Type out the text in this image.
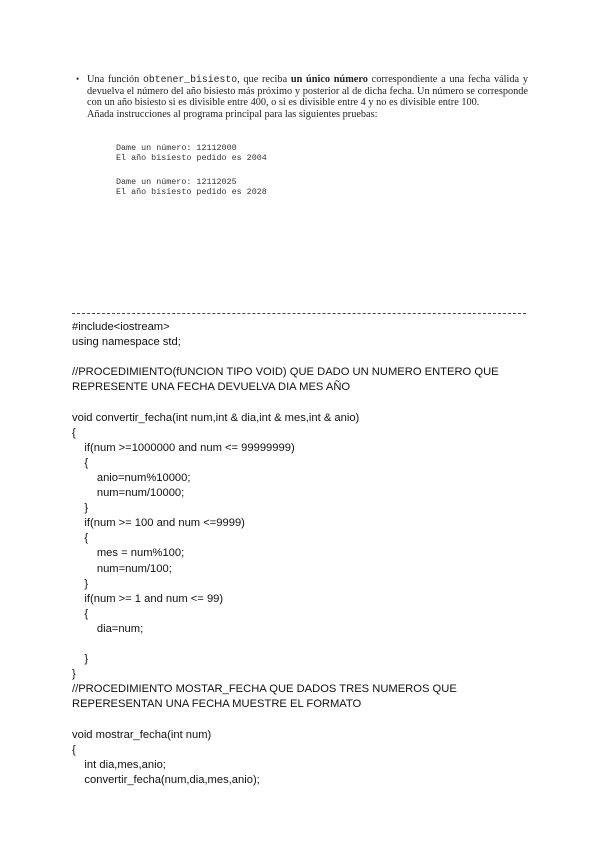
• Una función obtener_bisiesto, que reciba un único número correspondiente a una fecha válida y devuelva el número del año bisiesto más próximo y posterior al de dicha fecha. Un número se corresponde con un año bisiesto si es divisible entre 400, o si es divisible entre 4 y no es divisible entre 100.
Añada instrucciones al programa principal para las siguientes pruebas:
Dame un número: 12112000
El año bisiesto pedido es 2004
Dame un número: 12112025
El año bisiesto pedido es 2028
#include<iostream>
using namespace std;
//PROCEDIMIENTO(fUNCION TIPO VOID) QUE DADO UN NUMERO ENTERO QUE
REPRESENTE UNA FECHA DEVUELVA DIA MES AÑO
void convertir_fecha(int num,int & dia,int & mes,int & anio)
{
if(num >=1000000 and num <= 99999999)
{
anio=num%10000;
num=num/10000;
}
if(num >= 100 and num <=9999)
{
mes = num%100;
num=num/100;
}
if(num >= 1 and num <= 99)
{
dia=num;
}
}
//PROCEDIMIENTO MOSTAR_FECHA QUE DADOS TRES NUMEROS QUE
REPERESENTAN UNA FECHA MUESTRE EL FORMATO
void mostrar_fecha(int num)
{
int dia,mes,anio;
convertir_fecha(num,dia,mes,anio);
